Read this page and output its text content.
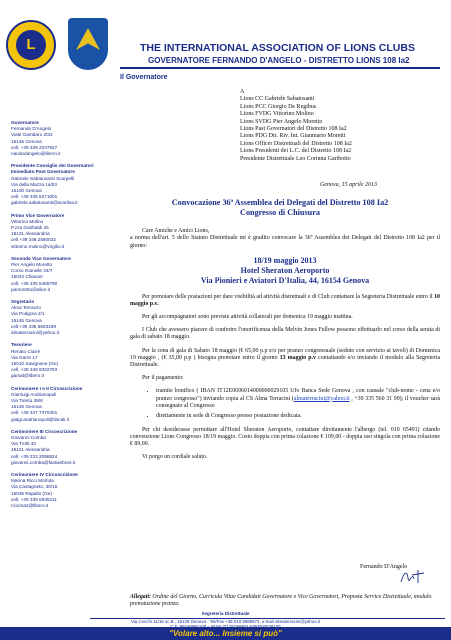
L	THE INTERNATIONAL ASSOCIATION OF LIONS CLUBS
GOVERNATORE FERNANDO D'ANGELO - DISTRETTO LIONS 108 Ia2
Il Governatore
Governatore
Fernando D'Angelo
Viale Gambaro 20/2
16146 Genova
cell. +39 339 2237627
nandodangelo@libero.it
Presidente Consiglio dei Governatori
Immediato Past Governatore
Gabriele Sabatosanti Scarpelli
Via della Mazza 1a/53
16100 Genova
cell. +39 335 6271001
gabriele.sabatosanti@scarlina.it
Primo Vice Governatore
Vittorino Molino
P.zza Garibaldi 26
15121 Alessandria
cell.+39 348 2580532
vittorino.molino@virgilio.it
Secondo Vice Governatore
Pier Angelo Moretto
Corso Gianelle 34/7
16043 Chiavari
cell. +39 335 5465790
pamoretto@alice.it
Segretario
Alma Terracini
Via Podgora 2/1
16145 Genova
cell.+39 335 5603199
almaterracini@yahoo.it
Tesoriere
Renato Ciarrè
Via Garre 17
16010 Savignone (Ge)
cell. +39 348 9322793
gamat@libero.it
Cerimoniere I e II Circoscrizione
Gianluigi Andrianopoli
Via Trento 38/8
16145 Genova
cell. +39 347 7370401
giulgi.andrianopoli@tiscali.it
Cerimoniere III Circoscrizione
Giovanni Comba
Via Trotti 40
15121 Alessandria
cell. +39 333 2098624
giovanni.comba@fastwebnet.it
Cerimoniere IV Circoscrizione
Marina Ricci Morfola
Via Castagneto, 30/15
16035 Rapallo (Ge)
cell. +39 339 6935211
riccima2@libero.it
A
Lions CC Gabriele Sabatosanti
Lions PCC Giorgio De Regibus
Lions FVDG Vittorino Molino
Lions SVDG Pier Angelo Moretto
Lions Past Governatori del Distretto 108 Ia2
Lions PDG Dir. Riv. Int. Gianmario Moretti
Lions Officer Distrettuali del Distretto 108 Ia2
Lions Presidenti dei L.C. del Distretto 108 Ia2
Presidente Distrettuale Leo Corinna Garibotto
Genova, 15 aprile 2013
Convocazione 36ª Assemblea dei Delegati del Distretto 108 Ia2
Congresso di Chiusura
Care Amiche e Amici Lions,
a norma dell'art. 5 dello Statuto Distrettuale mi è gradito convocare la 36ª Assemblea dei Delegati del Distretto 108 Ia2 per il giorno:
18/19 maggio 2013
Hotel Sheraton Aeroporto
Via Pionieri e Aviatori D'Italia, 44, 16154 Genova
Per prenotare delle postazioni per dare visibilità ad attività distrettuali e di Club contattare la Segreteria Distrettuale entro il 10 maggio p.v.
Per gli accompagnatori sono previste attività collaterali per domenica 19 maggio mattina.
I Club che avessero piacere di conferire l'onorificenza della Melvin Jones Fellow possono effettuarlo nel corso della serata di gala di sabato 18 maggio.
Per la cena di gala di Sabato 18 maggio (€ 65,00 p.p e/o per pranzo congressuale (seduto con servizio ai tavoli) di Domenica 19 maggio , (€ 35,00 p.p ) bisogna prenotare entro il giorno 13 maggio p.v contattando e/o inviando il modulo alla Segreteria Distrettuale.
Per il pagamento:
• tramite bonifico ( IBAN IT12E0696014000000029105 Ufo Banca Sede Genova , con causale "club-nome - cena e/o pranzo congresso") inviando copia al CS Alma Terracini (almaterracini@yahoo.it , +39 335 560 31 99); il voucher sarà consegnato al Congresso
• direttamente in sede di Congresso presso postazione dedicata.
Per chi desiderasse pernottare all'Hotel Sheraton Aeroporto, contattare direttamente l'albergo (tel. 010 65491) citando convenzione Lions Congresso 18/19 maggio. Costo doppia con prima colazione € 109,00 - doppia uso singola con prima colazione € 89,00.
Vi porgo un cordiale saluto.
Fernando D'Angelo
Allegati: Ordine del Giorno, Curricula Vitae Candidati Governatore e Vice Governatori, Proposta Service Distrettuale, modulo prenotazione pranzo.
Segreteria Distrettuale
Via Cecchi 11/15 sc.B , 16129 Genova - Tel/Fax +39 010 8689672, e-mail almaterracini@yahoo.it
C.F. 95040880108 – IBAN IT12E0696014000000029105
"Volare alto... Insieme si può"
